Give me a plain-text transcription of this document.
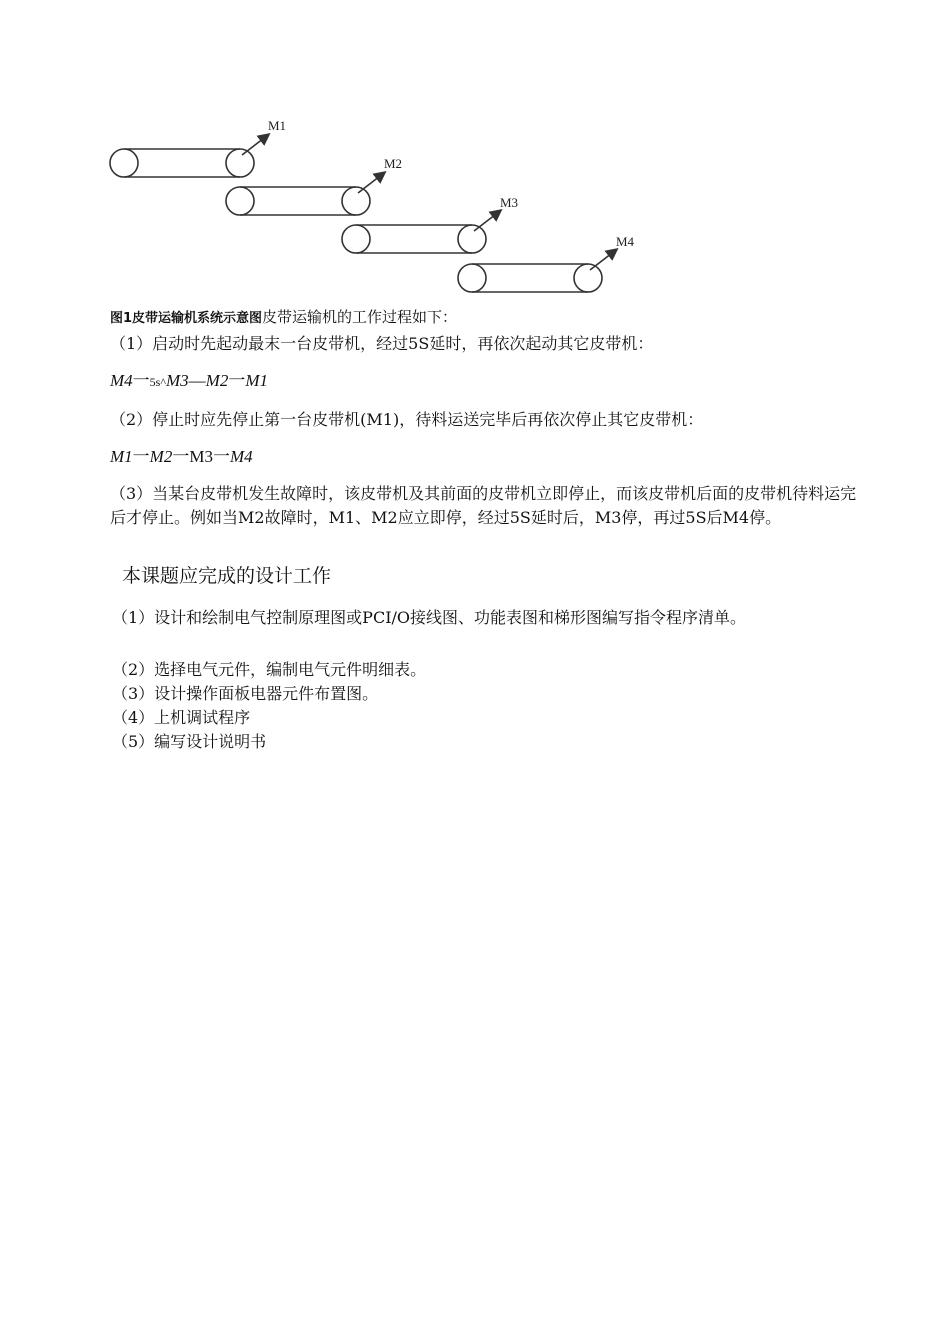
M1
M2
M3
M4
图1皮带运输机系统示意图皮带运输机的工作过程如下：
（1）启动时先起动最末一台皮带机，经过5S延时，再依次起动其它皮带机：
M4一5s^M3—M2一M1
（2）停止时应先停止第一台皮带机(M1)，待料运送完毕后再依次停止其它皮带机：
M1一M2一M3一M4
（3）当某台皮带机发生故障时，该皮带机及其前面的皮带机立即停止，而该皮带机后面的皮带机待料运完后才停止。例如当M2故障时，M1、M2应立即停，经过5S延时后，M3停，再过5S后M4停。
本课题应完成的设计工作
（1）设计和绘制电气控制原理图或PCI/O接线图、功能表图和梯形图编写指令程序清单。
（2）选择电气元件，编制电气元件明细表。
（3）设计操作面板电器元件布置图。
（4）上机调试程序
（5）编写设计说明书
